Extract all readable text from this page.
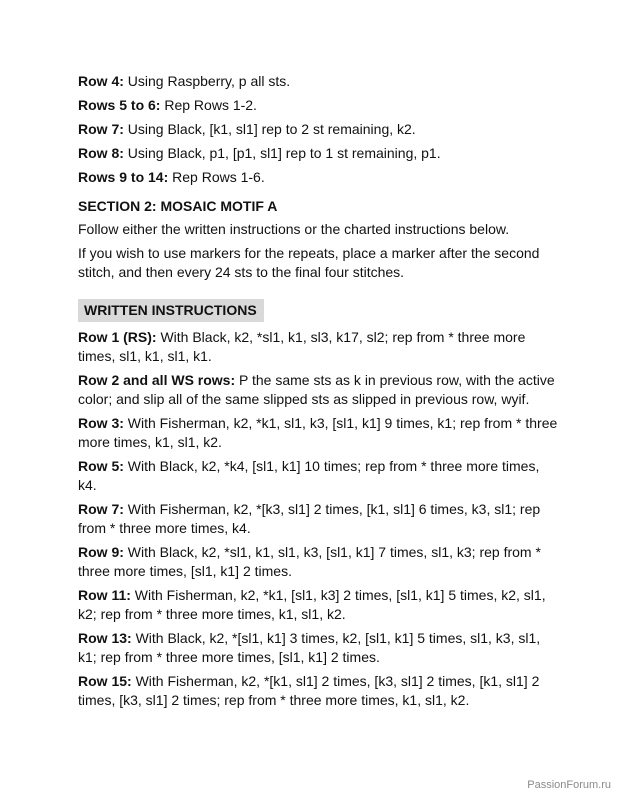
Row 4: Using Raspberry, p all sts.

Rows 5 to 6: Rep Rows 1-2.

Row 7: Using Black, [k1, sl1] rep to 2 st remaining, k2.

Row 8: Using Black, p1, [p1, sl1] rep to 1 st remaining, p1.

Rows 9 to 14: Rep Rows 1-6.

SECTION 2: MOSAIC MOTIF A

Follow either the written instructions or the charted instructions below.

If you wish to use markers for the repeats, place a marker after the second stitch, and then every 24 sts to the final four stitches.

WRITTEN INSTRUCTIONS

Row 1 (RS): With Black, k2, *sl1, k1, sl3, k17, sl2; rep from * three more times, sl1, k1, sl1, k1.

Row 2 and all WS rows: P the same sts as k in previous row, with the active color; and slip all of the same slipped sts as slipped in previous row, wyif.

Row 3: With Fisherman, k2, *k1, sl1, k3, [sl1, k1] 9 times, k1; rep from * three more times, k1, sl1, k2.

Row 5: With Black, k2, *k4, [sl1, k1] 10 times; rep from * three more times, k4.

Row 7: With Fisherman, k2, *[k3, sl1] 2 times, [k1, sl1] 6 times, k3, sl1; rep from * three more times, k4.

Row 9: With Black, k2, *sl1, k1, sl1, k3, [sl1, k1] 7 times, sl1, k3; rep from * three more times, [sl1, k1] 2 times.

Row 11: With Fisherman, k2, *k1, [sl1, k3] 2 times, [sl1, k1] 5 times, k2, sl1, k2; rep from * three more times, k1, sl1, k2.

Row 13: With Black, k2, *[sl1, k1] 3 times, k2, [sl1, k1] 5 times, sl1, k3, sl1, k1; rep from * three more times, [sl1, k1] 2 times.

Row 15: With Fisherman, k2, *[k1, sl1] 2 times, [k3, sl1] 2 times, [k1, sl1] 2 times, [k3, sl1] 2 times; rep from * three more times, k1, sl1, k2.

PassionForum.ru
